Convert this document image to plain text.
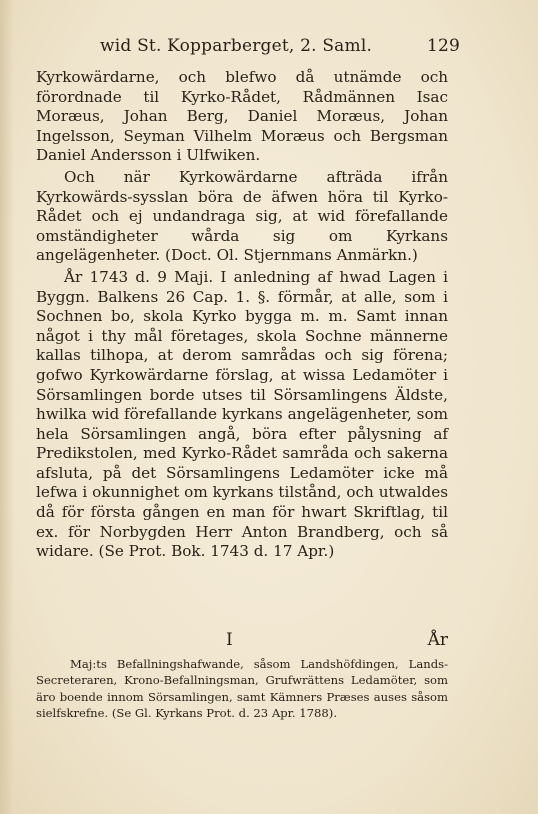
wid St. Kopparberget, 2. Saml.	129

Kyrkowärdarne, och blefwo då utnämde och förordnade til Kyrko-Rådet, Rådmännen Isac Moræus, Johan Berg, Daniel Moræus, Johan Ingelsson, Seyman Vilhelm Moræus och Bergsman Daniel Andersson i Ulfwiken.

Och när Kyrkowärdarne afträda ifrån Kyrkowärds-sysslan böra de äfwen höra til Kyrko-Rådet och ej undandraga sig, at wid förefallande omständigheter wårda sig om Kyrkans angelägenheter. (Doct. Ol. Stjernmans Anmärkn.)

År 1743 d. 9 Maji. I anledning af hwad Lagen i Byggn. Balkens 26 Cap. 1. §. förmår, at alle, som i Sochnen bo, skola Kyrko bygga m. m. Samt innan något i thy mål företages, skola Sochne männerne kallas tilhopa, at derom samrådas och sig förena; gofwo Kyrkowärdarne förslag, at wissa Ledamöter i Sörsamlingen borde utses til Sörsamlingens Äldste, hwilka wid förefallande kyrkans angelägenheter, som hela Sörsamlingen angå, böra efter pålysning af Predikstolen, med Kyrko-Rådet samråda och sakerna afsluta, på det Sörsamlingens Ledamöter icke må lefwa i okunnighet om kyrkans tilstånd, och utwaldes då för första gången en man för hwart Skriftlag, til ex. för Norbygden Herr Anton Brandberg, och så widare. (Se Prot. Bok. 1743 d. 17 Apr.)

I	År

Maj:ts Befallningshafwande, såsom Landshöfdingen, Lands-Secreteraren, Krono-Befallningsman, Grufwrättens Ledamöter, som äro boende innom Sörsamlingen, samt Kämners Præses auses såsom sielfskrefne. (Se Gl. Kyrkans Prot. d. 23 Apr. 1788).
